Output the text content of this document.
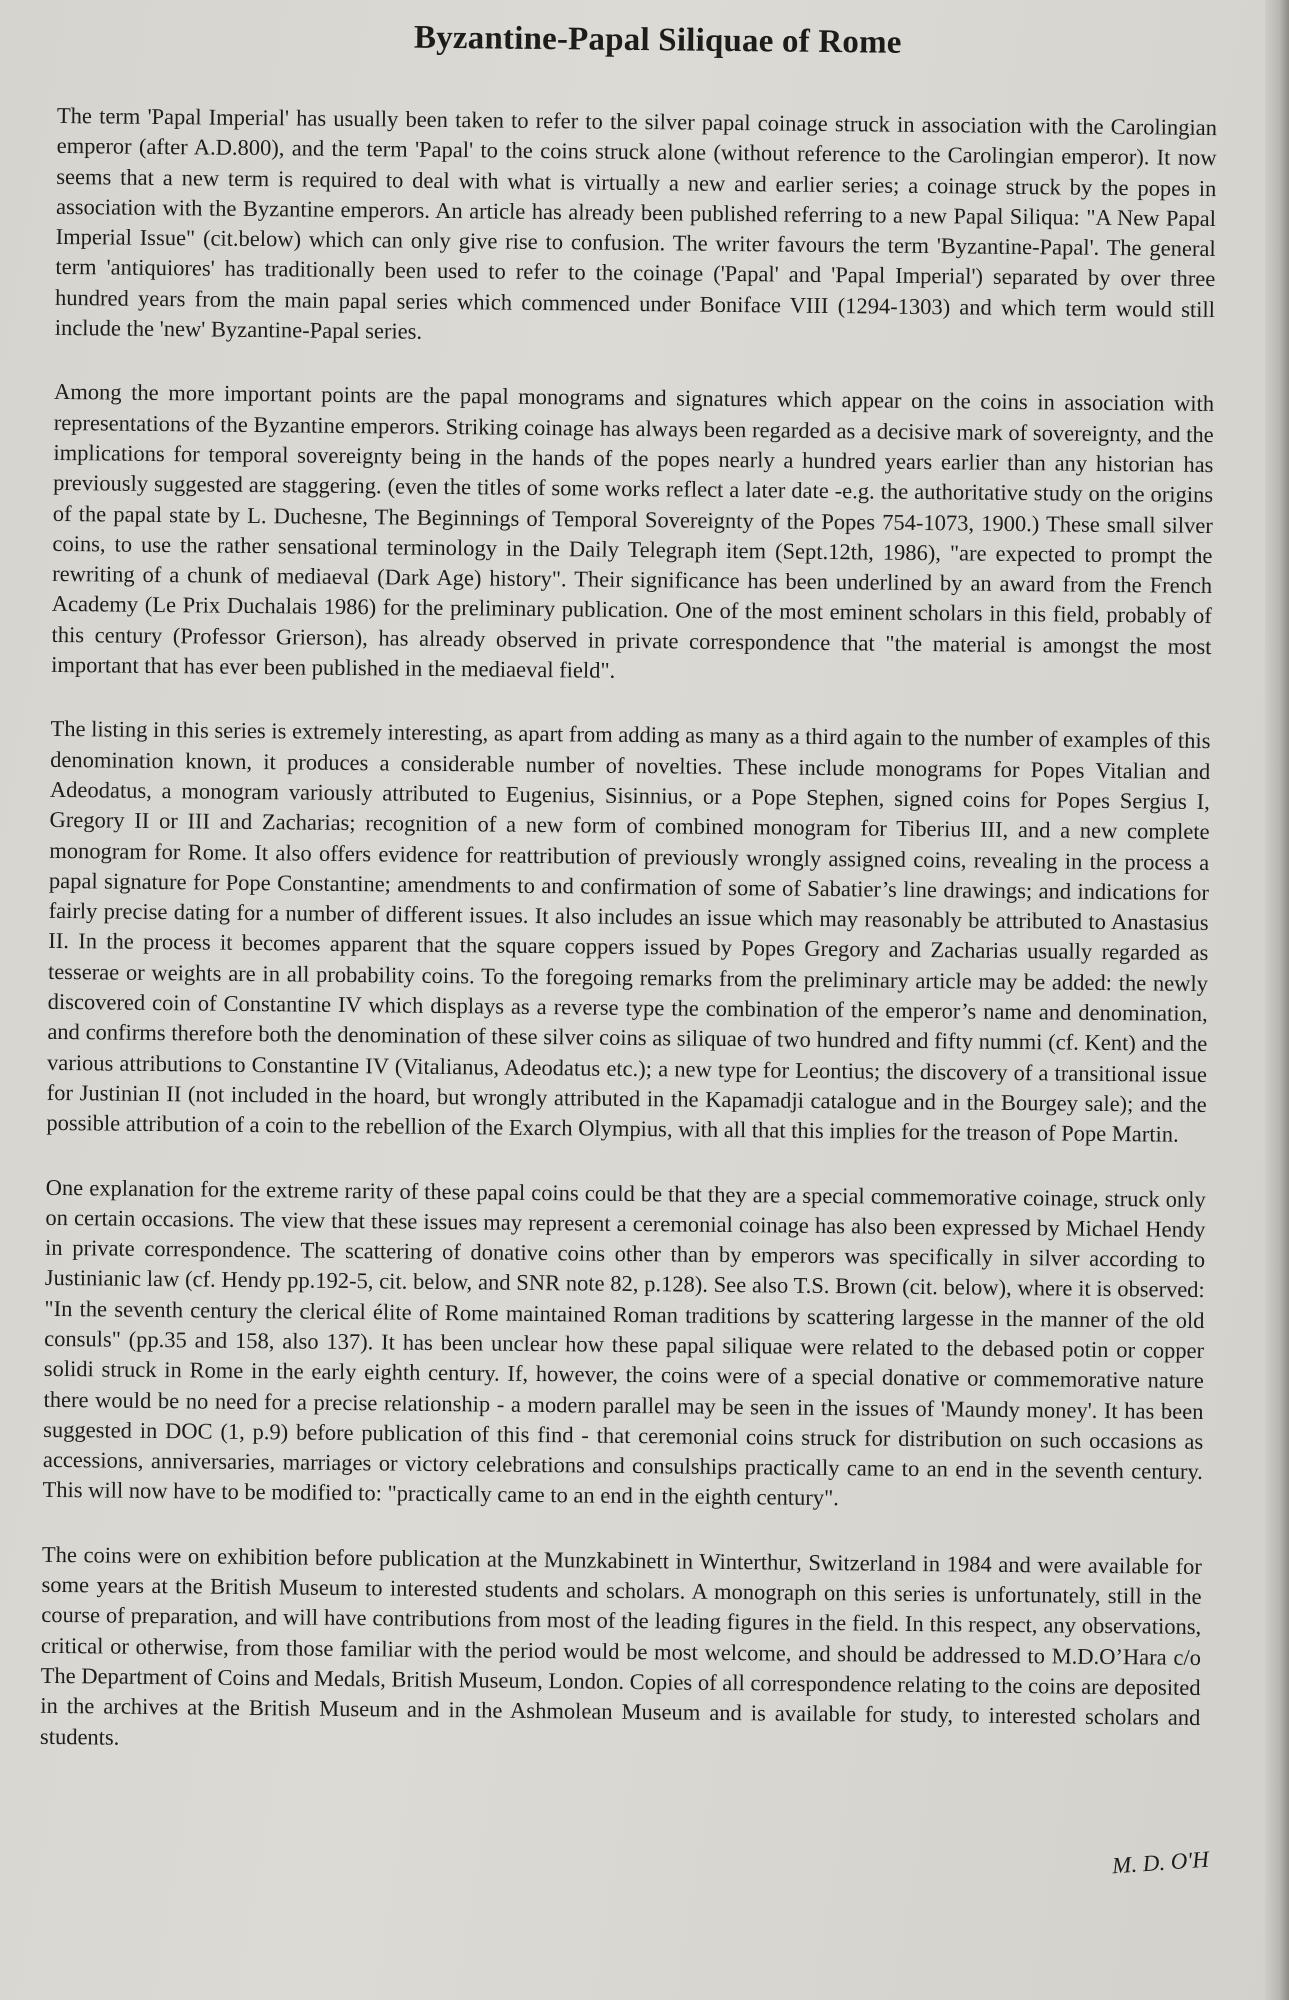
Byzantine-Papal Siliquae of Rome

The term 'Papal Imperial' has usually been taken to refer to the silver papal coinage struck in association with the Carolingian emperor (after A.D.800), and the term 'Papal' to the coins struck alone (without reference to the Carolingian emperor). It now seems that a new term is required to deal with what is virtually a new and earlier series; a coinage struck by the popes in association with the Byzantine emperors. An article has already been published referring to a new Papal Siliqua: "A New Papal Imperial Issue" (cit.below) which can only give rise to confusion. The writer favours the term 'Byzantine-Papal'. The general term 'antiquiores' has traditionally been used to refer to the coinage ('Papal' and 'Papal Imperial') separated by over three hundred years from the main papal series which commenced under Boniface VIII (1294-1303) and which term would still include the 'new' Byzantine-Papal series.

Among the more important points are the papal monograms and signatures which appear on the coins in association with representations of the Byzantine emperors. Striking coinage has always been regarded as a decisive mark of sovereignty, and the implications for temporal sovereignty being in the hands of the popes nearly a hundred years earlier than any historian has previously suggested are staggering. (even the titles of some works reflect a later date -e.g. the authoritative study on the origins of the papal state by L. Duchesne, The Beginnings of Temporal Sovereignty of the Popes 754-1073, 1900.) These small silver coins, to use the rather sensational terminology in the Daily Telegraph item (Sept.12th, 1986), "are expected to prompt the rewriting of a chunk of mediaeval (Dark Age) history". Their significance has been underlined by an award from the French Academy (Le Prix Duchalais 1986) for the preliminary publication. One of the most eminent scholars in this field, probably of this century (Professor Grierson), has already observed in private correspondence that "the material is amongst the most important that has ever been published in the mediaeval field".

The listing in this series is extremely interesting, as apart from adding as many as a third again to the number of examples of this denomination known, it produces a considerable number of novelties. These include monograms for Popes Vitalian and Adeodatus, a monogram variously attributed to Eugenius, Sisinnius, or a Pope Stephen, signed coins for Popes Sergius I, Gregory II or III and Zacharias; recognition of a new form of combined monogram for Tiberius III, and a new complete monogram for Rome. It also offers evidence for reattribution of previously wrongly assigned coins, revealing in the process a papal signature for Pope Constantine; amendments to and confirmation of some of Sabatier’s line drawings; and indications for fairly precise dating for a number of different issues. It also includes an issue which may reasonably be attributed to Anastasius II. In the process it becomes apparent that the square coppers issued by Popes Gregory and Zacharias usually regarded as tesserae or weights are in all probability coins. To the foregoing remarks from the preliminary article may be added: the newly discovered coin of Constantine IV which displays as a reverse type the combination of the emperor’s name and denomination, and confirms therefore both the denomination of these silver coins as siliquae of two hundred and fifty nummi (cf. Kent) and the various attributions to Constantine IV (Vitalianus, Adeodatus etc.); a new type for Leontius; the discovery of a transitional issue for Justinian II (not included in the hoard, but wrongly attributed in the Kapamadji catalogue and in the Bourgey sale); and the possible attribution of a coin to the rebellion of the Exarch Olympius, with all that this implies for the treason of Pope Martin.

One explanation for the extreme rarity of these papal coins could be that they are a special commemorative coinage, struck only on certain occasions. The view that these issues may represent a ceremonial coinage has also been expressed by Michael Hendy in private correspondence. The scattering of donative coins other than by emperors was specifically in silver according to Justinianic law (cf. Hendy pp.192-5, cit. below, and SNR note 82, p.128). See also T.S. Brown (cit. below), where it is observed: "In the seventh century the clerical élite of Rome maintained Roman traditions by scattering largesse in the manner of the old consuls" (pp.35 and 158, also 137). It has been unclear how these papal siliquae were related to the debased potin or copper solidi struck in Rome in the early eighth century. If, however, the coins were of a special donative or commemorative nature there would be no need for a precise relationship - a modern parallel may be seen in the issues of 'Maundy money'. It has been suggested in DOC (1, p.9) before publication of this find - that ceremonial coins struck for distribution on such occasions as accessions, anniversaries, marriages or victory celebrations and consulships practically came to an end in the seventh century. This will now have to be modified to: "practically came to an end in the eighth century".

The coins were on exhibition before publication at the Munzkabinett in Winterthur, Switzerland in 1984 and were available for some years at the British Museum to interested students and scholars. A monograph on this series is unfortunately, still in the course of preparation, and will have contributions from most of the leading figures in the field. In this respect, any observations, critical or otherwise, from those familiar with the period would be most welcome, and should be addressed to M.D.O’Hara c/o The Department of Coins and Medals, British Museum, London. Copies of all correspondence relating to the coins are deposited in the archives at the British Museum and in the Ashmolean Museum and is available for study, to interested scholars and students.

M. D. O'H
